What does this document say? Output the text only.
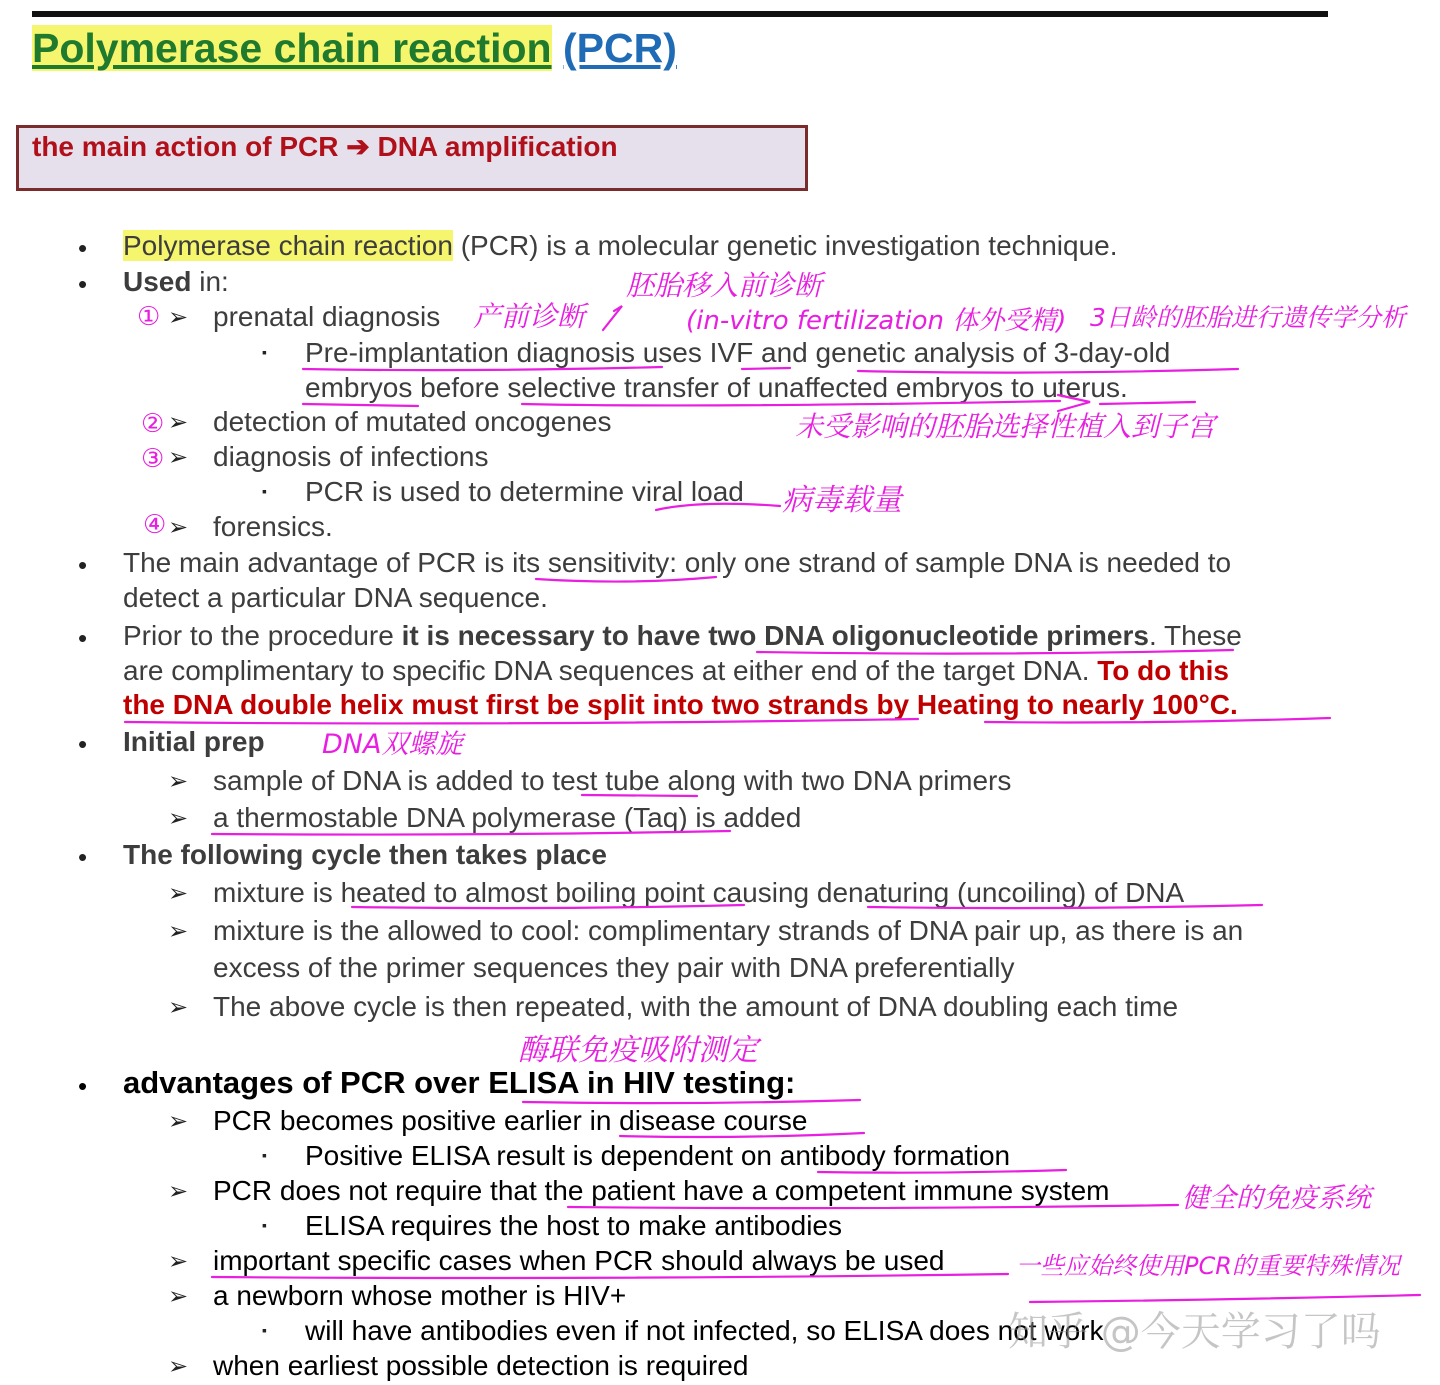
Polymerase chain reaction (PCR)
the main action of PCR ➔ DNA amplification
• Polymerase chain reaction (PCR) is a molecular genetic investigation technique.
• Used in:
➢ prenatal diagnosis
▪ Pre-implantation diagnosis uses IVF and genetic analysis of 3-day-old
embryos before selective transfer of unaffected embryos to uterus.
➢ detection of mutated oncogenes
➢ diagnosis of infections
▪ PCR is used to determine viral load
➢ forensics.
• The main advantage of PCR is its sensitivity: only one strand of sample DNA is needed to
detect a particular DNA sequence.
• Prior to the procedure it is necessary to have two DNA oligonucleotide primers. These
are complimentary to specific DNA sequences at either end of the target DNA. To do this
the DNA double helix must first be split into two strands by Heating to nearly 100°C.
• Initial prep
➢ sample of DNA is added to test tube along with two DNA primers
➢ a thermostable DNA polymerase (Taq) is added
• The following cycle then takes place
➢ mixture is heated to almost boiling point causing denaturing (uncoiling) of DNA
➢ mixture is the allowed to cool: complimentary strands of DNA pair up, as there is an
excess of the primer sequences they pair with DNA preferentially
➢ The above cycle is then repeated, with the amount of DNA doubling each time
• advantages of PCR over ELISA in HIV testing:
➢ PCR becomes positive earlier in disease course
▪ Positive ELISA result is dependent on antibody formation
➢ PCR does not require that the patient have a competent immune system
▪ ELISA requires the host to make antibodies
➢ important specific cases when PCR should always be used
➢ a newborn whose mother is HIV+
▪ will have antibodies even if not infected, so ELISA does not work
➢ when earliest possible detection is required
①
②
③
④
产前诊断
胚胎移入前诊断
(in-vitro fertilization 体外受精) 3日龄的胚胎进行遗传学分析
未受影响的胚胎选择性植入到子宫
病毒载量
DNA双螺旋
酶联免疫吸附测定
健全的免疫系统
一些应始终使用PCR的重要特殊情况
知乎 @今天学习了吗
